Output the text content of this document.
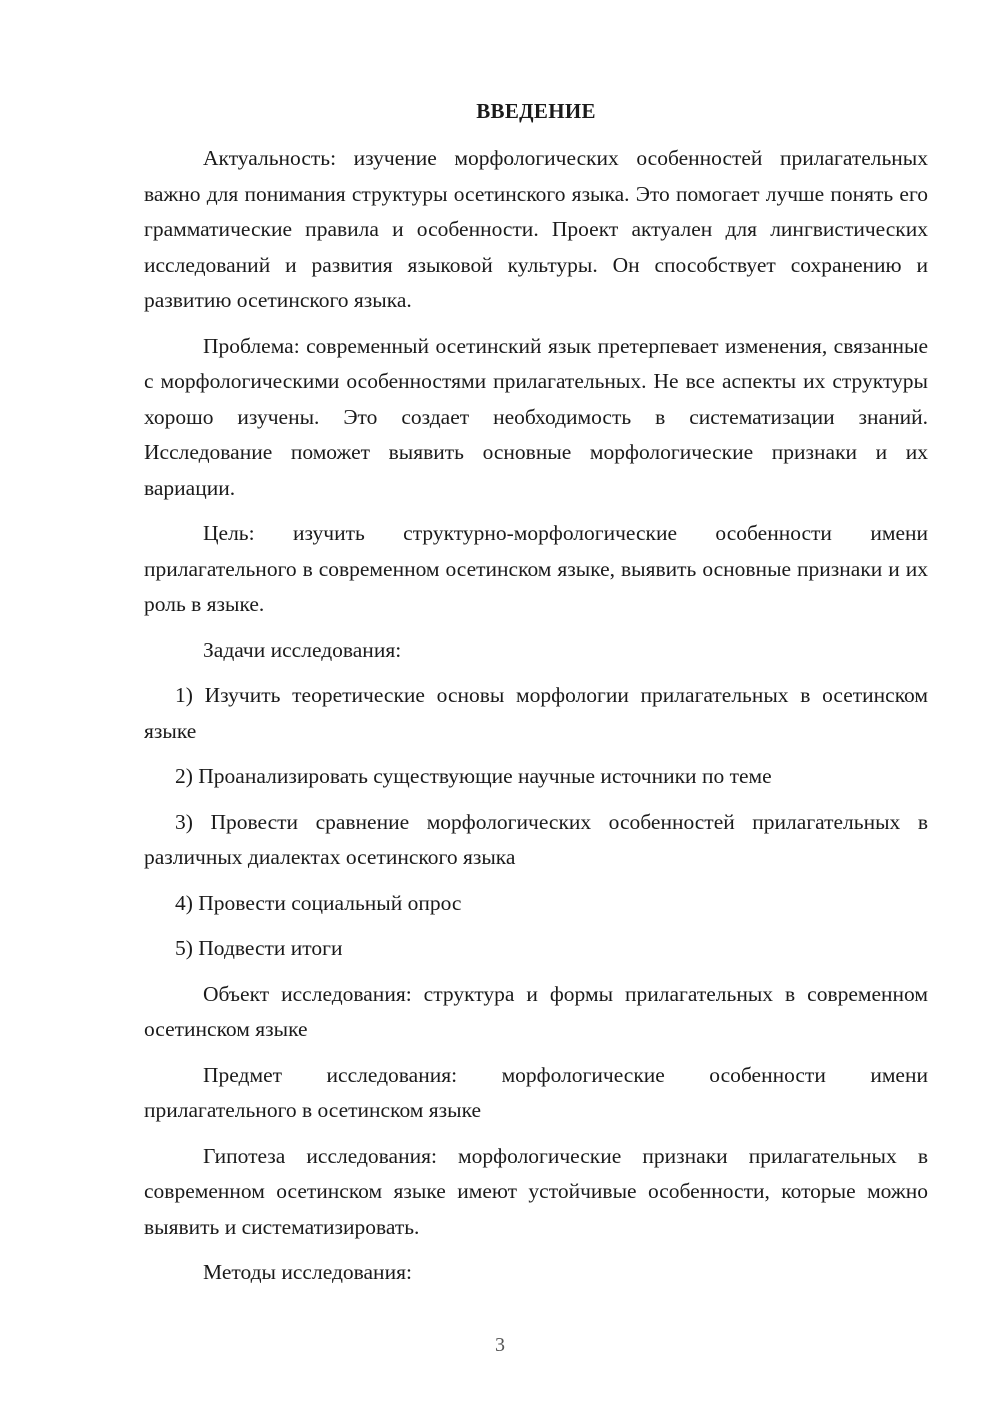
ВВЕДЕНИЕ

Актуальность: изучение морфологических особенностей прилагательных важно для понимания структуры осетинского языка. Это помогает лучше понять его грамматические правила и особенности. Проект актуален для лингвистических исследований и развития языковой культуры. Он способствует сохранению и развитию осетинского языка.

Проблема: современный осетинский язык претерпевает изменения, связанные с морфологическими особенностями прилагательных. Не все аспекты их структуры хорошо изучены. Это создает необходимость в систематизации знаний. Исследование поможет выявить основные морфологические признаки и их вариации.

Цель: изучить структурно-морфологические особенности имени прилагательного в современном осетинском языке, выявить основные признаки и их роль в языке.

Задачи исследования:

1) Изучить теоретические основы морфологии прилагательных в осетинском языке

2) Проанализировать существующие научные источники по теме

3) Провести сравнение морфологических особенностей прилагательных в различных диалектах осетинского языка

4) Провести социальный опрос

5) Подвести итоги

Объект исследования: структура и формы прилагательных в современном осетинском языке

Предмет исследования: морфологические особенности имени прилагательного в осетинском языке

Гипотеза исследования: морфологические признаки прилагательных в современном осетинском языке имеют устойчивые особенности, которые можно выявить и систематизировать.

Методы исследования:

3
